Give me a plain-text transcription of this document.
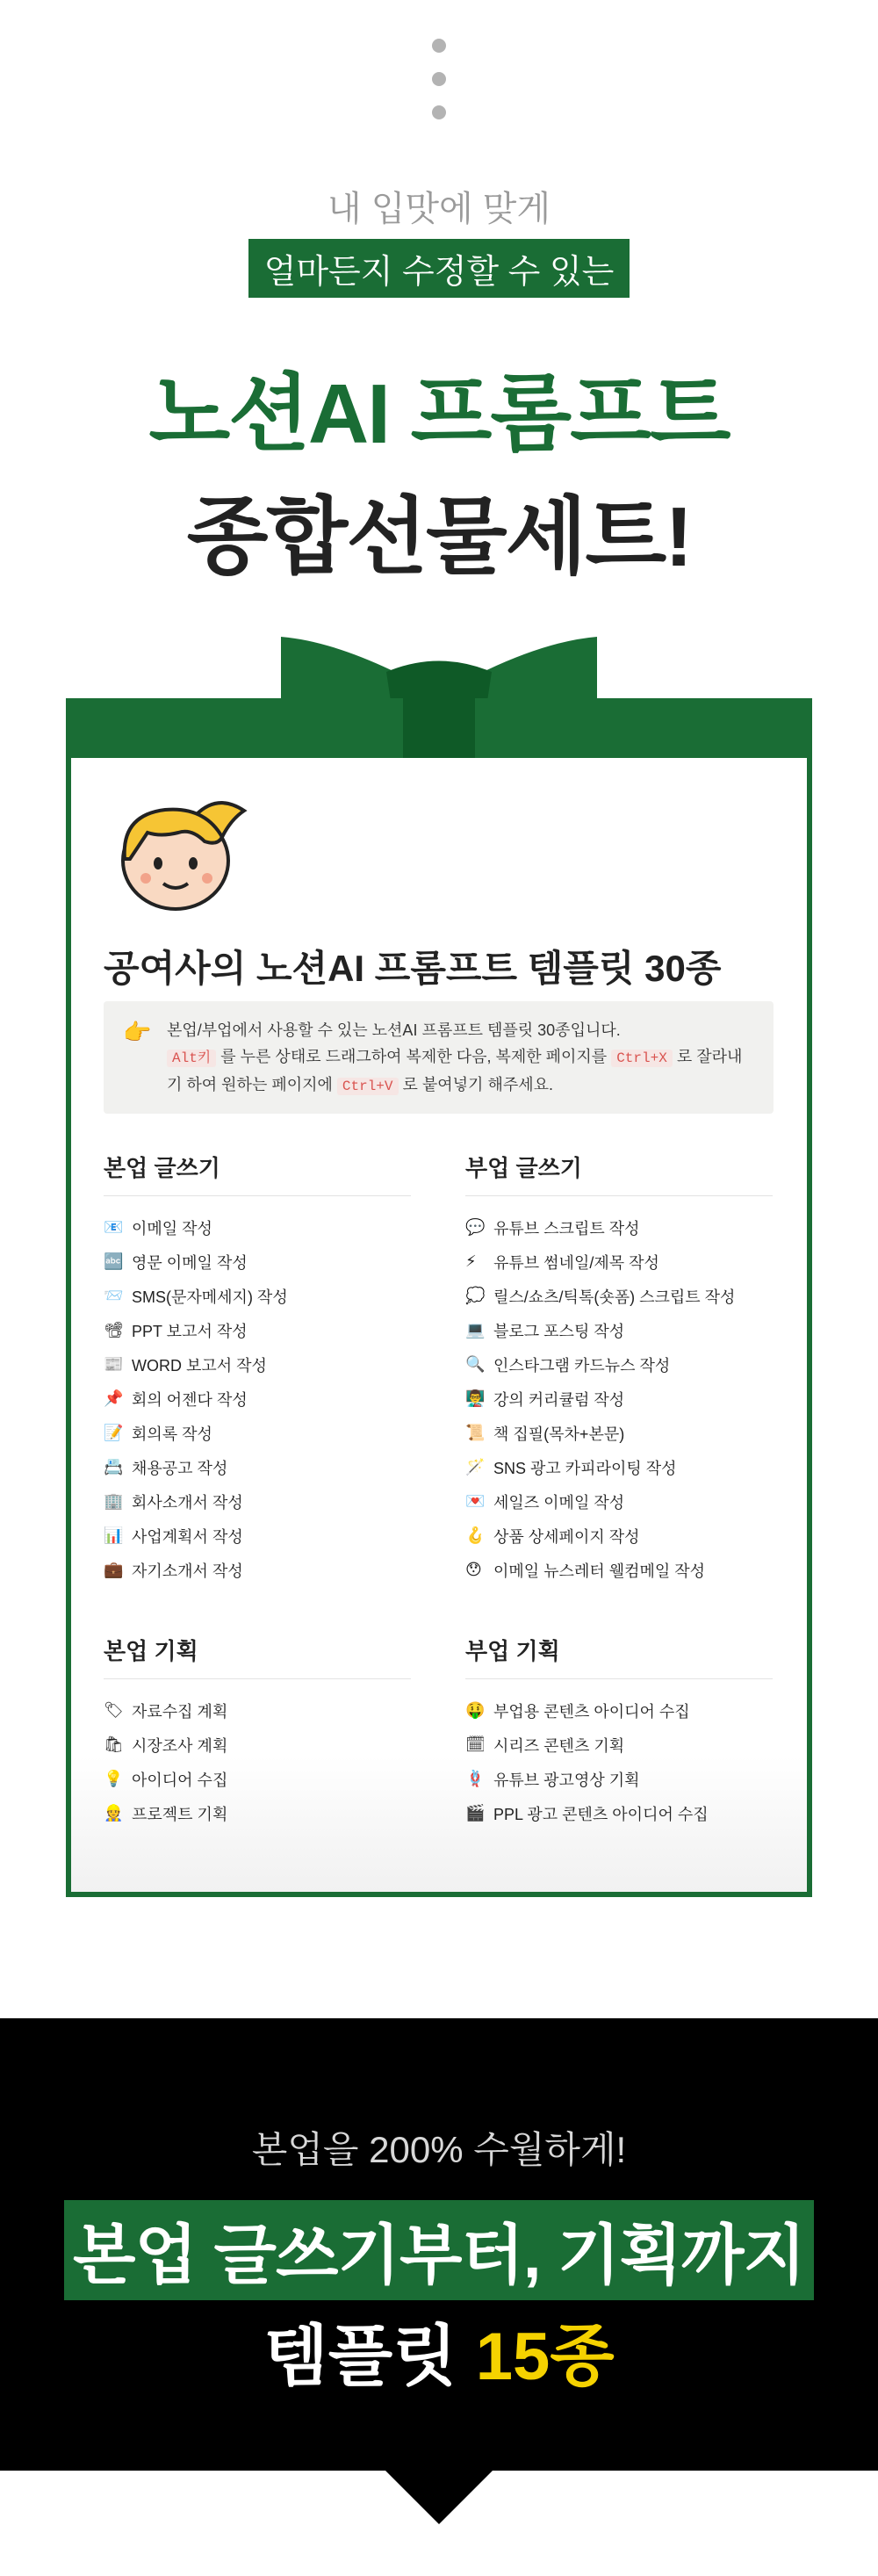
내 입맛에 맞게
얼마든지 수정할 수 있는
노션AI 프롬프트
종합선물세트!
공여사의 노션AI 프롬프트 템플릿 30종
👉 본업/부업에서 사용할 수 있는 노션AI 프롬프트 템플릿 30종입니다.
Alt키 를 누른 상태로 드래그하여 복제한 다음, 복제한 페이지를 Ctrl+X 로 잘라내기 하여 원하는 페이지에 Ctrl+V 로 붙여넣기 해주세요.
본업 글쓰기
📧 이메일 작성
🔤 영문 이메일 작성
📨 SMS(문자메세지) 작성
📽 PPT 보고서 작성
📰 WORD 보고서 작성
📌 회의 어젠다 작성
📝 회의록 작성
📇 채용공고 작성
🏢 회사소개서 작성
📊 사업계획서 작성
💼 자기소개서 작성
부업 글쓰기
💬 유튜브 스크립트 작성
⚡	유튜브 썸네일/제목 작성
💭 릴스/쇼츠/틱톡(숏폼) 스크립트 작성
💻 블로그 포스팅 작성
🔍 인스타그램 카드뉴스 작성
👨‍🏫 강의 커리큘럼 작성
📜 책 집필(목차+본문)
🪄 SNS 광고 카피라이팅 작성
💌 세일즈 이메일 작성
🪝 상품 상세페이지 작성
😯 이메일 뉴스레터 웰컴메일 작성
본업 기획
🏷 자료수집 계획
🛍 시장조사 계획
💡 아이디어 수집
👷 프로젝트 기획
부업 기획
🤑 부업용 콘텐츠 아이디어 수집
🗓 시리즈 콘텐츠 기획
🪢 유튜브 광고영상 기획
🎬 PPL 광고 콘텐츠 아이디어 수집
본업을 200% 수월하게!
본업 글쓰기부터, 기획까지
템플릿 15종
